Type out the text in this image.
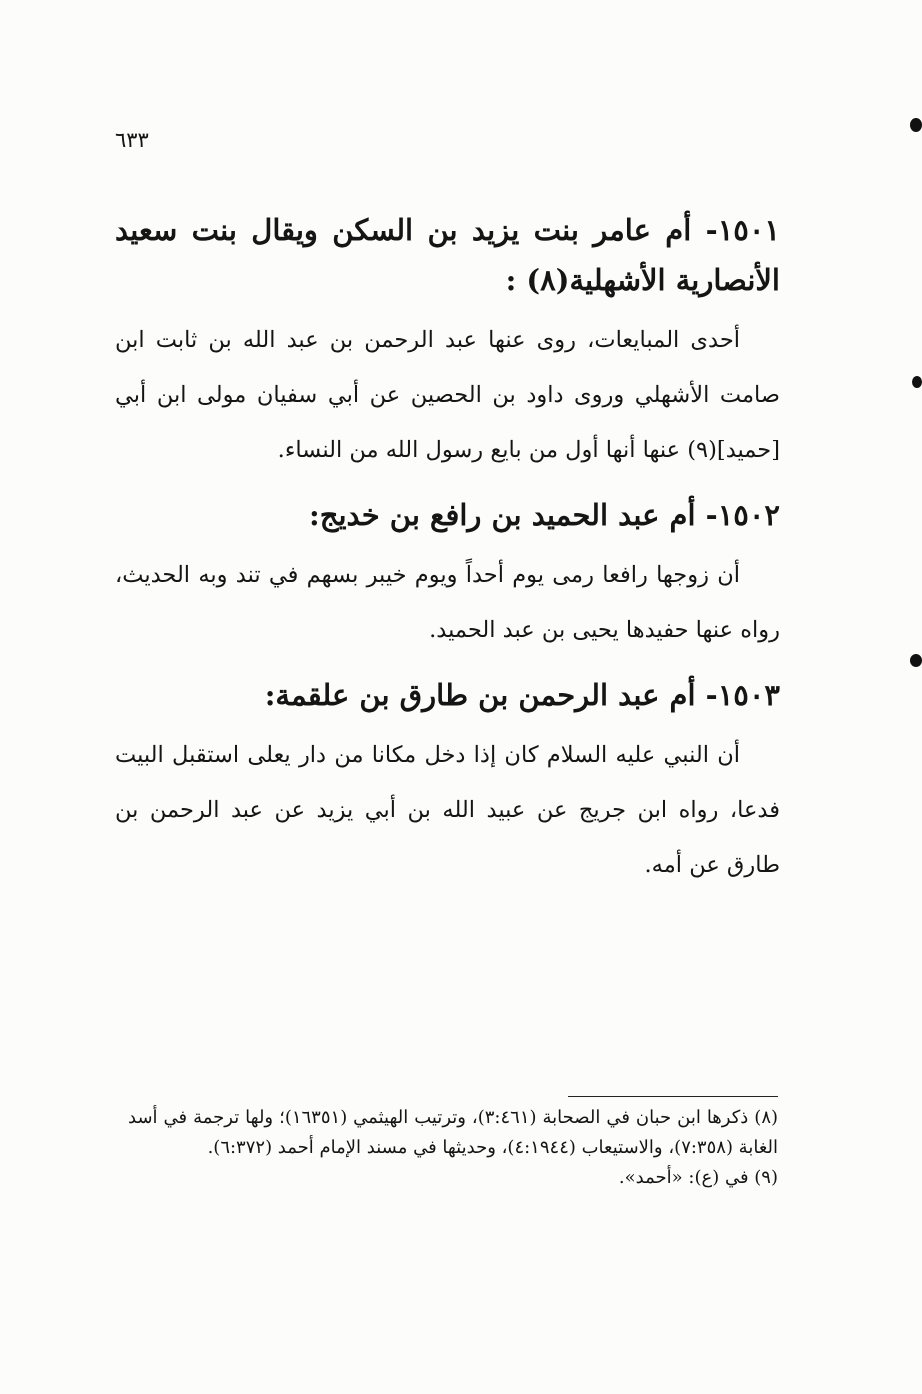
٦٣٣
١٥٠١- أم عامر بنت يزيد بن السكن ويقال بنت سعيد الأنصارية الأشهلية(٨) :

أحدى المبايعات، روى عنها عبد الرحمن بن عبد الله بن ثابت ابن صامت الأشهلي وروى داود بن الحصين عن أبي سفيان مولى ابن أبي [حميد](٩) عنها أنها أول من بايع رسول الله من النساء.

١٥٠٢- أم عبد الحميد بن رافع بن خديج:

أن زوجها رافعا رمى يوم أحداً ويوم خيبر بسهم في تند وبه الحديث، رواه عنها حفيدها يحيى بن عبد الحميد.

١٥٠٣- أم عبد الرحمن بن طارق بن علقمة:

أن النبي عليه السلام كان إذا دخل مكانا من دار يعلى استقبل البيت فدعا، رواه ابن جريج عن عبيد الله بن أبي يزيد عن عبد الرحمن بن طارق عن أمه.

(٨) ذكرها ابن حبان في الصحابة (٣:٤٦١)، وترتيب الهيثمي (١٦٣٥١)؛ ولها ترجمة في أسد الغابة (٧:٣٥٨)، والاستيعاب (٤:١٩٤٤)، وحديثها في مسند الإمام أحمد (٦:٣٧٢).

(٩) في (ع): «أحمد».
